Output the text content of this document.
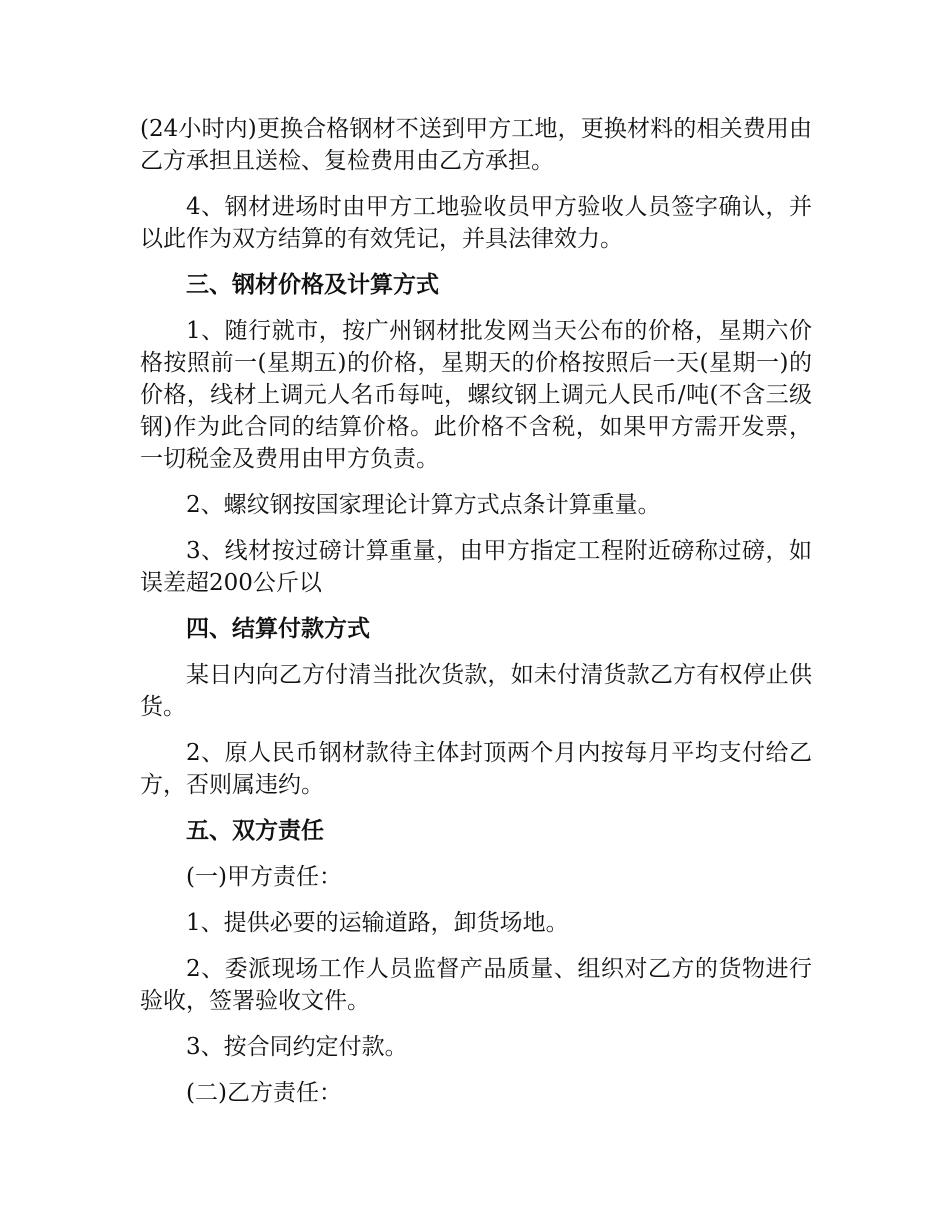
(24小时内)更换合格钢材不送到甲方工地，更换材料的相关费用由乙方承担且送检、复检费用由乙方承担。

4、钢材进场时由甲方工地验收员甲方验收人员签字确认，并以此作为双方结算的有效凭记，并具法律效力。

三、钢材价格及计算方式

1、随行就市，按广州钢材批发网当天公布的价格，星期六价格按照前一(星期五)的价格，星期天的价格按照后一天(星期一)的价格，线材上调元人名币每吨，螺纹钢上调元人民币/吨(不含三级钢)作为此合同的结算价格。此价格不含税，如果甲方需开发票，一切税金及费用由甲方负责。

2、螺纹钢按国家理论计算方式点条计算重量。

3、线材按过磅计算重量，由甲方指定工程附近磅称过磅，如误差超200公斤以

四、结算付款方式

某日内向乙方付清当批次货款，如未付清货款乙方有权停止供货。

2、原人民币钢材款待主体封顶两个月内按每月平均支付给乙方，否则属违约。

五、双方责任

(一)甲方责任：

1、提供必要的运输道路，卸货场地。

2、委派现场工作人员监督产品质量、组织对乙方的货物进行验收，签署验收文件。

3、按合同约定付款。

(二)乙方责任：
